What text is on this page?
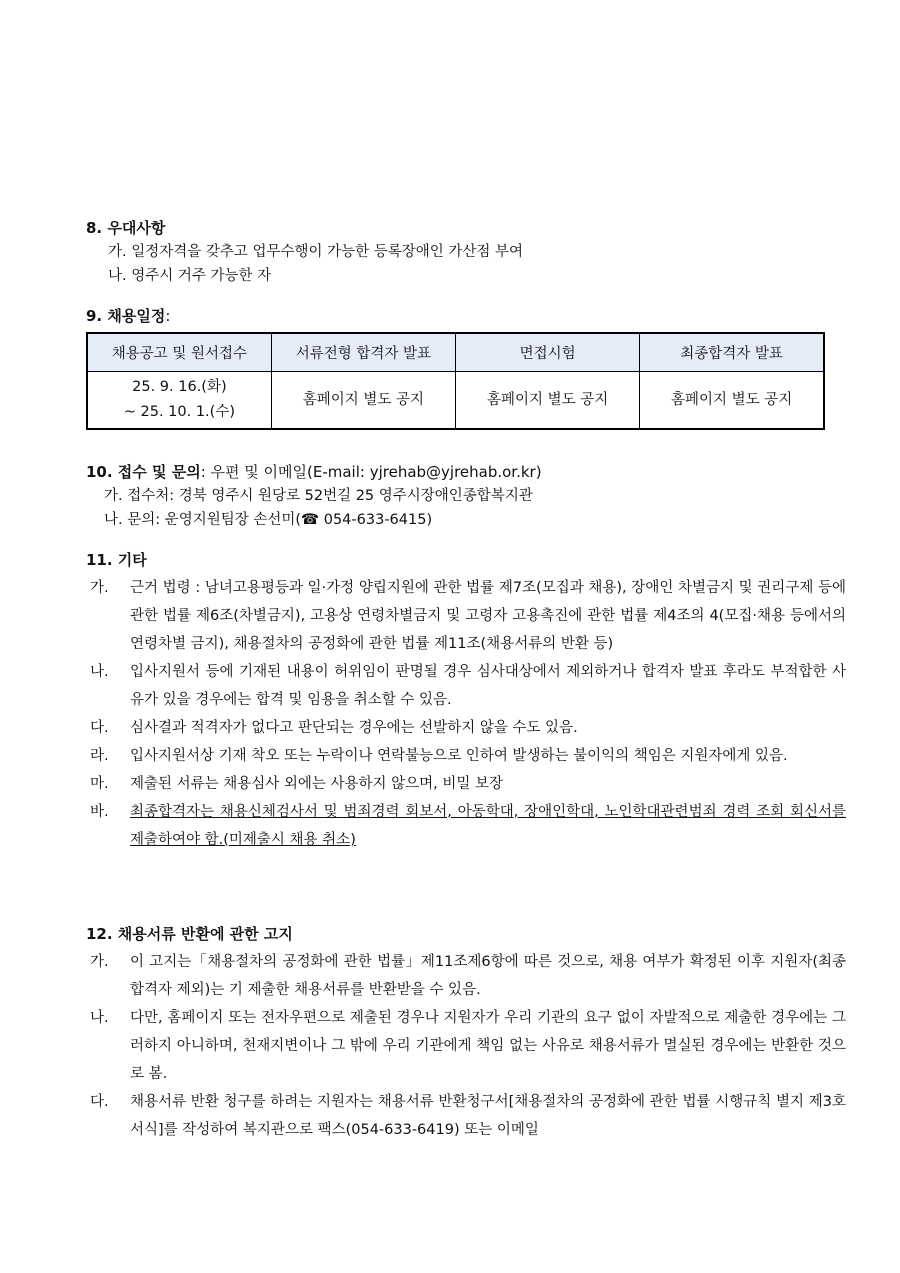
8. 우대사항
가. 일정자격을 갖추고 업무수행이 가능한 등록장애인 가산점 부여
나. 영주시 거주 가능한 자
9. 채용일정:
채용공고 및 원서접수	서류전형 합격자 발표	면접시험	최종합격자 발표

25. 9. 16.(화)
~ 25. 10. 1.(수)	홈페이지 별도 공지	홈페이지 별도 공지	홈페이지 별도 공지
10. 접수 및 문의: 우편 및 이메일(E-mail: yjrehab@yjrehab.or.kr)
가. 접수처: 경북 영주시 원당로 52번길 25 영주시장애인종합복지관
나. 문의: 운영지원팀장 손선미(☎ 054-633-6415)
11. 기타
가.	근거 법령 : 남녀고용평등과 일·가정 양립지원에 관한 법률 제7조(모집과 채용), 장애인 차별금지 및 권리구제 등에 관한 법률 제6조(차별금지), 고용상 연령차별금지 및 고령자 고용촉진에 관한 법률 제4조의 4(모집·채용 등에서의 연령차별 금지), 채용절차의 공정화에 관한 법률 제11조(채용서류의 반환 등)
나.	입사지원서 등에 기재된 내용이 허위임이 판명될 경우 심사대상에서 제외하거나 합격자 발표 후라도 부적합한 사유가 있을 경우에는 합격 및 임용을 취소할 수 있음.
다.	심사결과 적격자가 없다고 판단되는 경우에는 선발하지 않을 수도 있음.
라.	입사지원서상 기재 착오 또는 누락이나 연락불능으로 인하여 발생하는 불이익의 책임은 지원자에게 있음.
마.	제출된 서류는 채용심사 외에는 사용하지 않으며, 비밀 보장
바.	최종합격자는 채용신체검사서 및 범죄경력 회보서, 아동학대, 장애인학대, 노인학대관련범죄 경력 조회 회신서를 제출하여야 함.(미제출시 채용 취소)
12. 채용서류 반환에 관한 고지
가.	이 고지는「채용절차의 공정화에 관한 법률」제11조제6항에 따른 것으로, 채용 여부가 확정된 이후 지원자(최종합격자 제외)는 기 제출한 채용서류를 반환받을 수 있음.
나.	다만, 홈페이지 또는 전자우편으로 제출된 경우나 지원자가 우리 기관의 요구 없이 자발적으로 제출한 경우에는 그러하지 아니하며, 천재지변이나 그 밖에 우리 기관에게 책임 없는 사유로 채용서류가 멸실된 경우에는 반환한 것으로 봄.
다.	채용서류 반환 청구를 하려는 지원자는 채용서류 반환청구서[채용절차의 공정화에 관한 법률 시행규칙 별지 제3호 서식]를 작성하여 복지관으로 팩스(054-633-6419) 또는 이메일
